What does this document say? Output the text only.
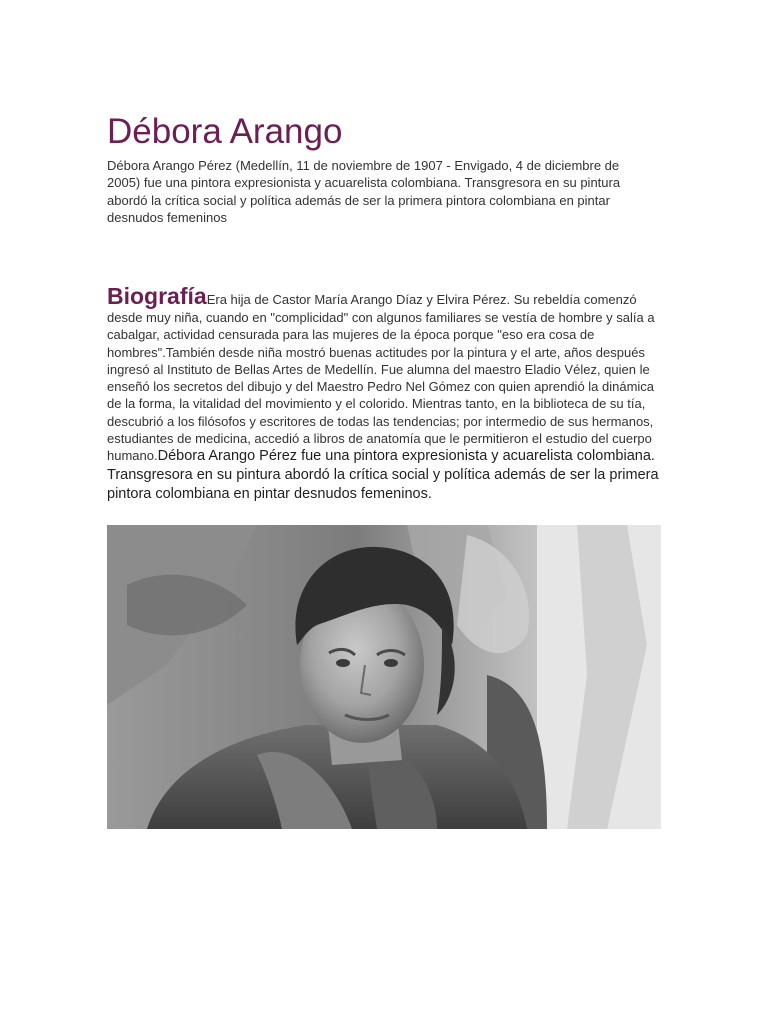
Débora Arango

Débora Arango Pérez (Medellín, 11 de noviembre de 1907 - Envigado, 4 de diciembre de 2005) fue una pintora expresionista y acuarelista colombiana. Transgresora en su pintura abordó la crítica social y política además de ser la primera pintora colombiana en pintar desnudos femeninos

BiografíaEra hija de Castor María Arango Díaz y Elvira Pérez. Su rebeldía comenzó desde muy niña, cuando en "complicidad" con algunos familiares se vestía de hombre y salía a cabalgar, actividad censurada para las mujeres de la época porque "eso era cosa de hombres".También desde niña mostró buenas actitudes por la pintura y el arte, años después ingresó al Instituto de Bellas Artes de Medellín. Fue alumna del maestro Eladio Vélez, quien le enseñó los secretos del dibujo y del Maestro Pedro Nel Gómez con quien aprendió la dinámica de la forma, la vitalidad del movimiento y el colorido. Mientras tanto, en la biblioteca de su tía, descubrió a los filósofos y escritores de todas las tendencias; por intermedio de sus hermanos, estudiantes de medicina, accedió a libros de anatomía que le permitieron el estudio del cuerpo humano.Débora Arango Pérez fue una pintora expresionista y acuarelista colombiana. Transgresora en su pintura abordó la crítica social y política además de ser la primera pintora colombiana en pintar desnudos femeninos.
